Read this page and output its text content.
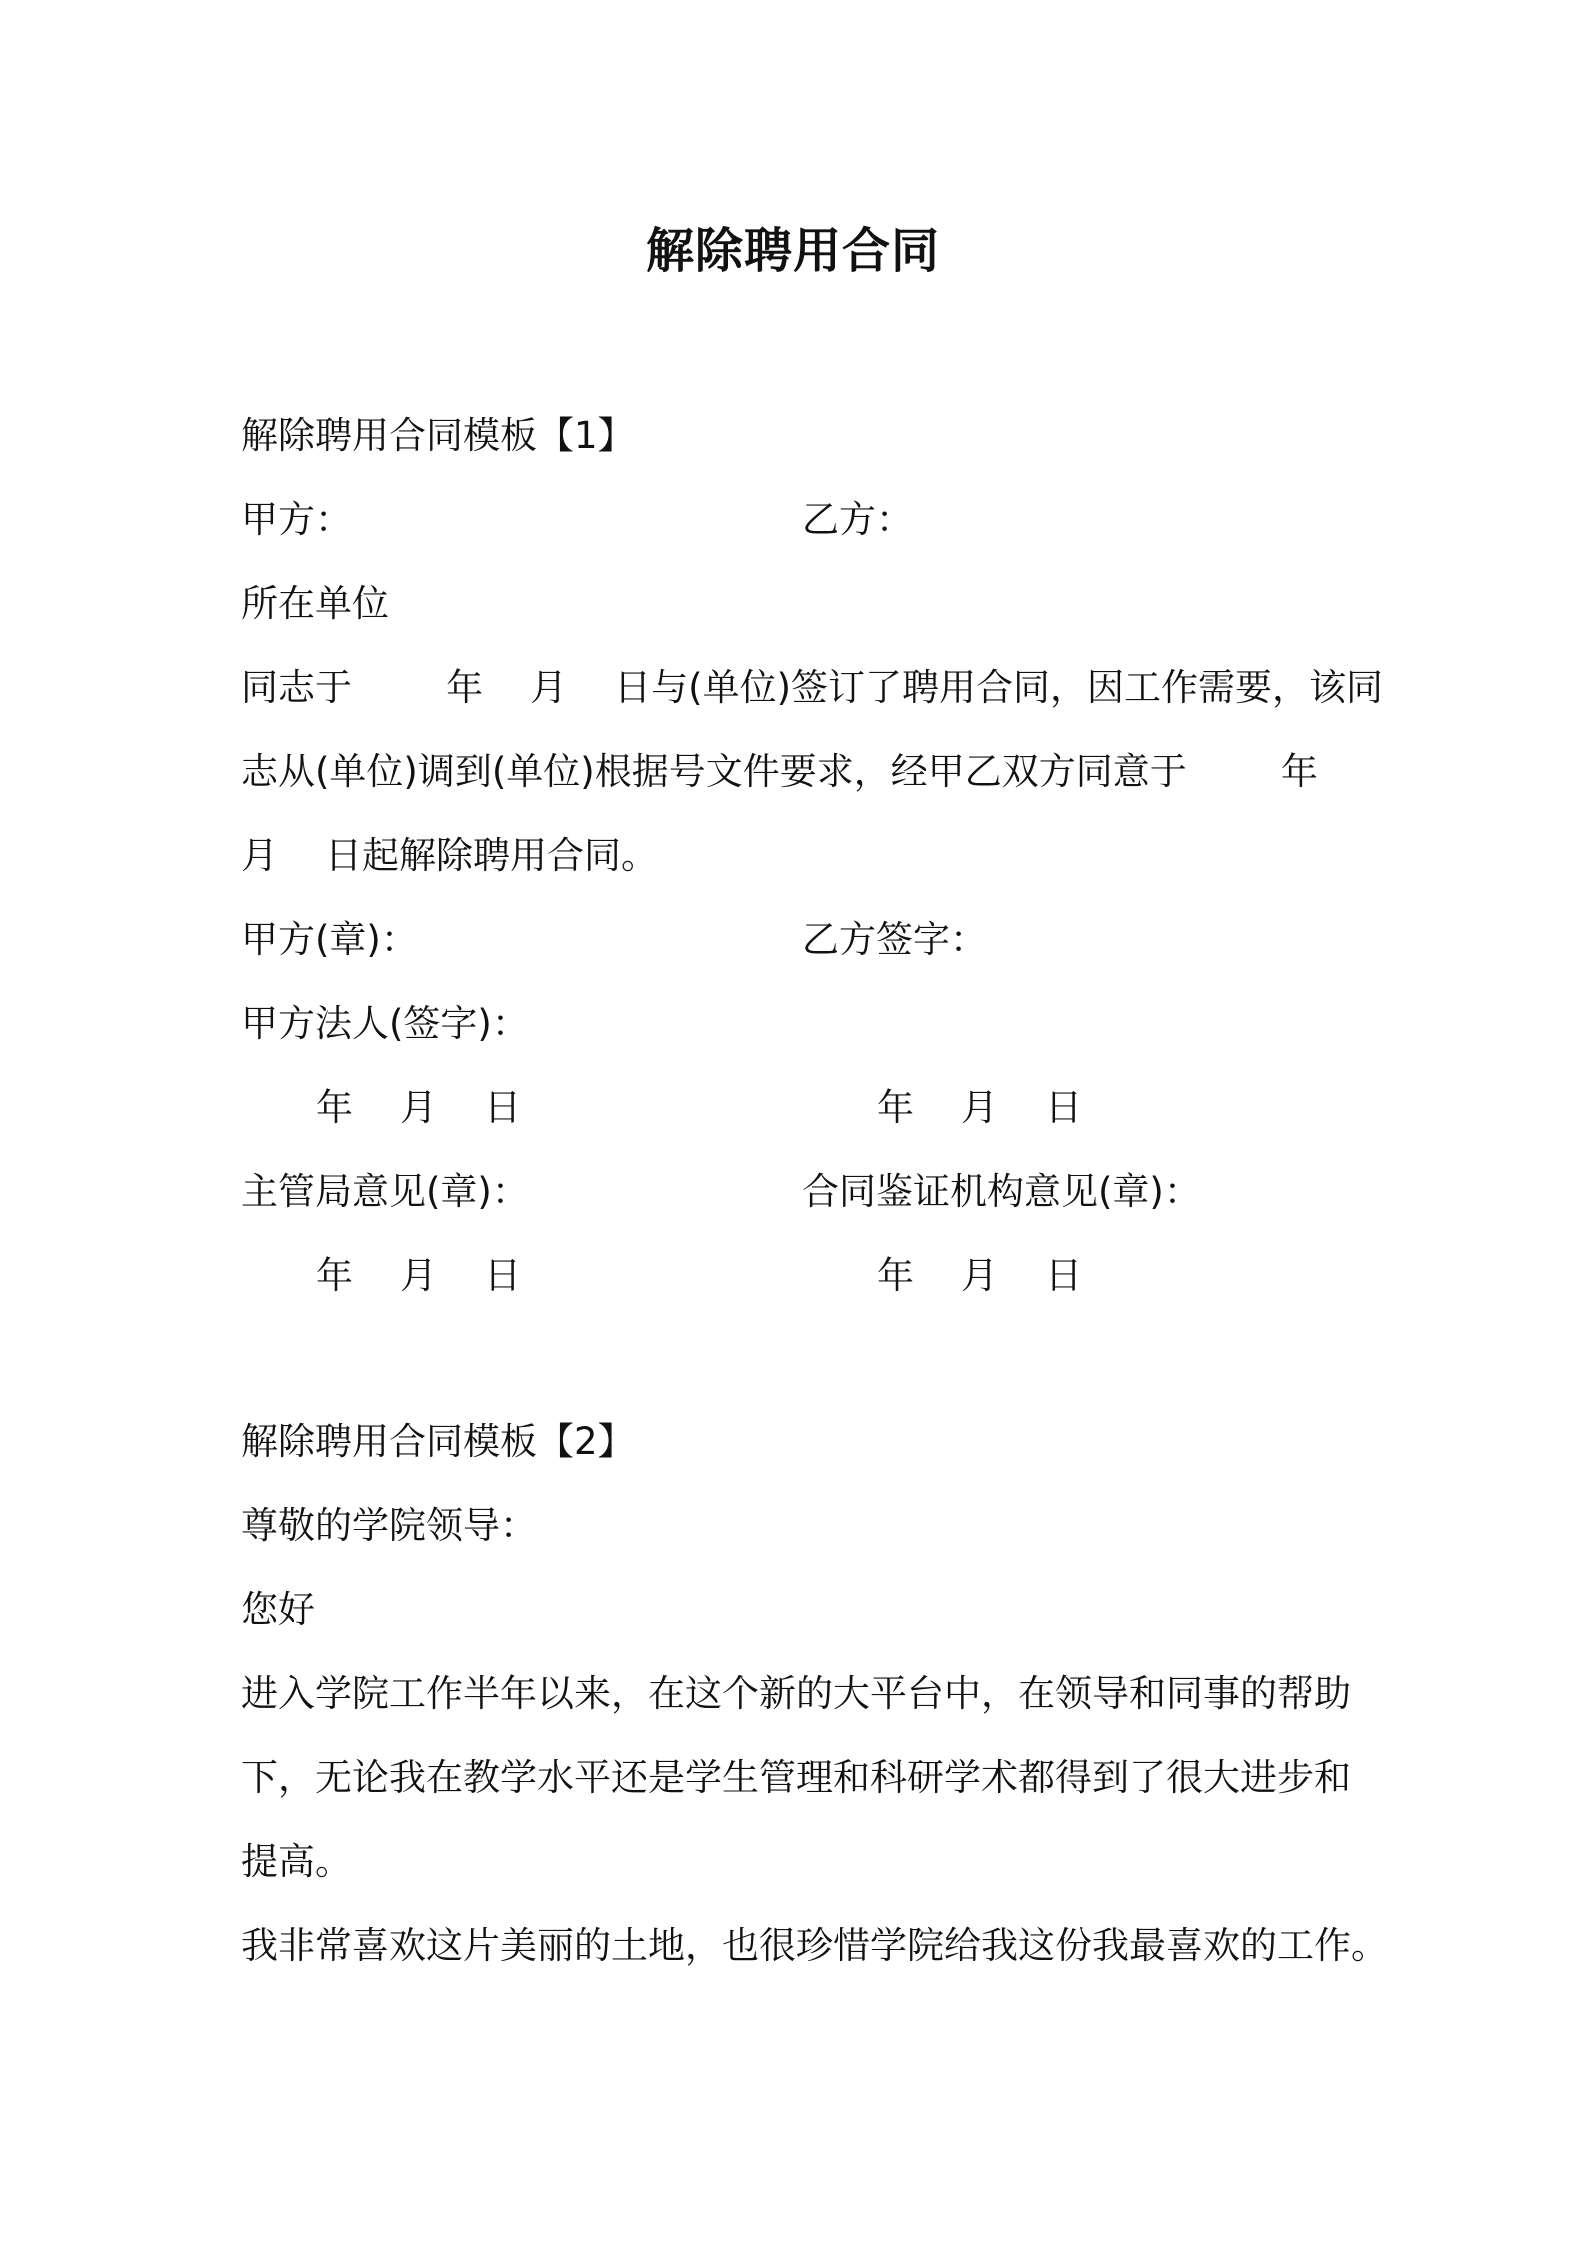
解除聘用合同
解除聘用合同模板【1】
甲方：	乙方：
所在单位
同志于        年    月    日与(单位)签订了聘用合同，因工作需要，该同
志从(单位)调到(单位)根据号文件要求，经甲乙双方同意于        年
月    日起解除聘用合同。
甲方(章)：	乙方签字：
甲方法人(签字)：
年    月    日	年    月    日
主管局意见(章)：	合同鉴证机构意见(章)：
年    月    日	年    月    日
解除聘用合同模板【2】
尊敬的学院领导：
您好
进入学院工作半年以来，在这个新的大平台中，在领导和同事的帮助
下，无论我在教学水平还是学生管理和科研学术都得到了很大进步和
提高。
我非常喜欢这片美丽的土地，也很珍惜学院给我这份我最喜欢的工作。
